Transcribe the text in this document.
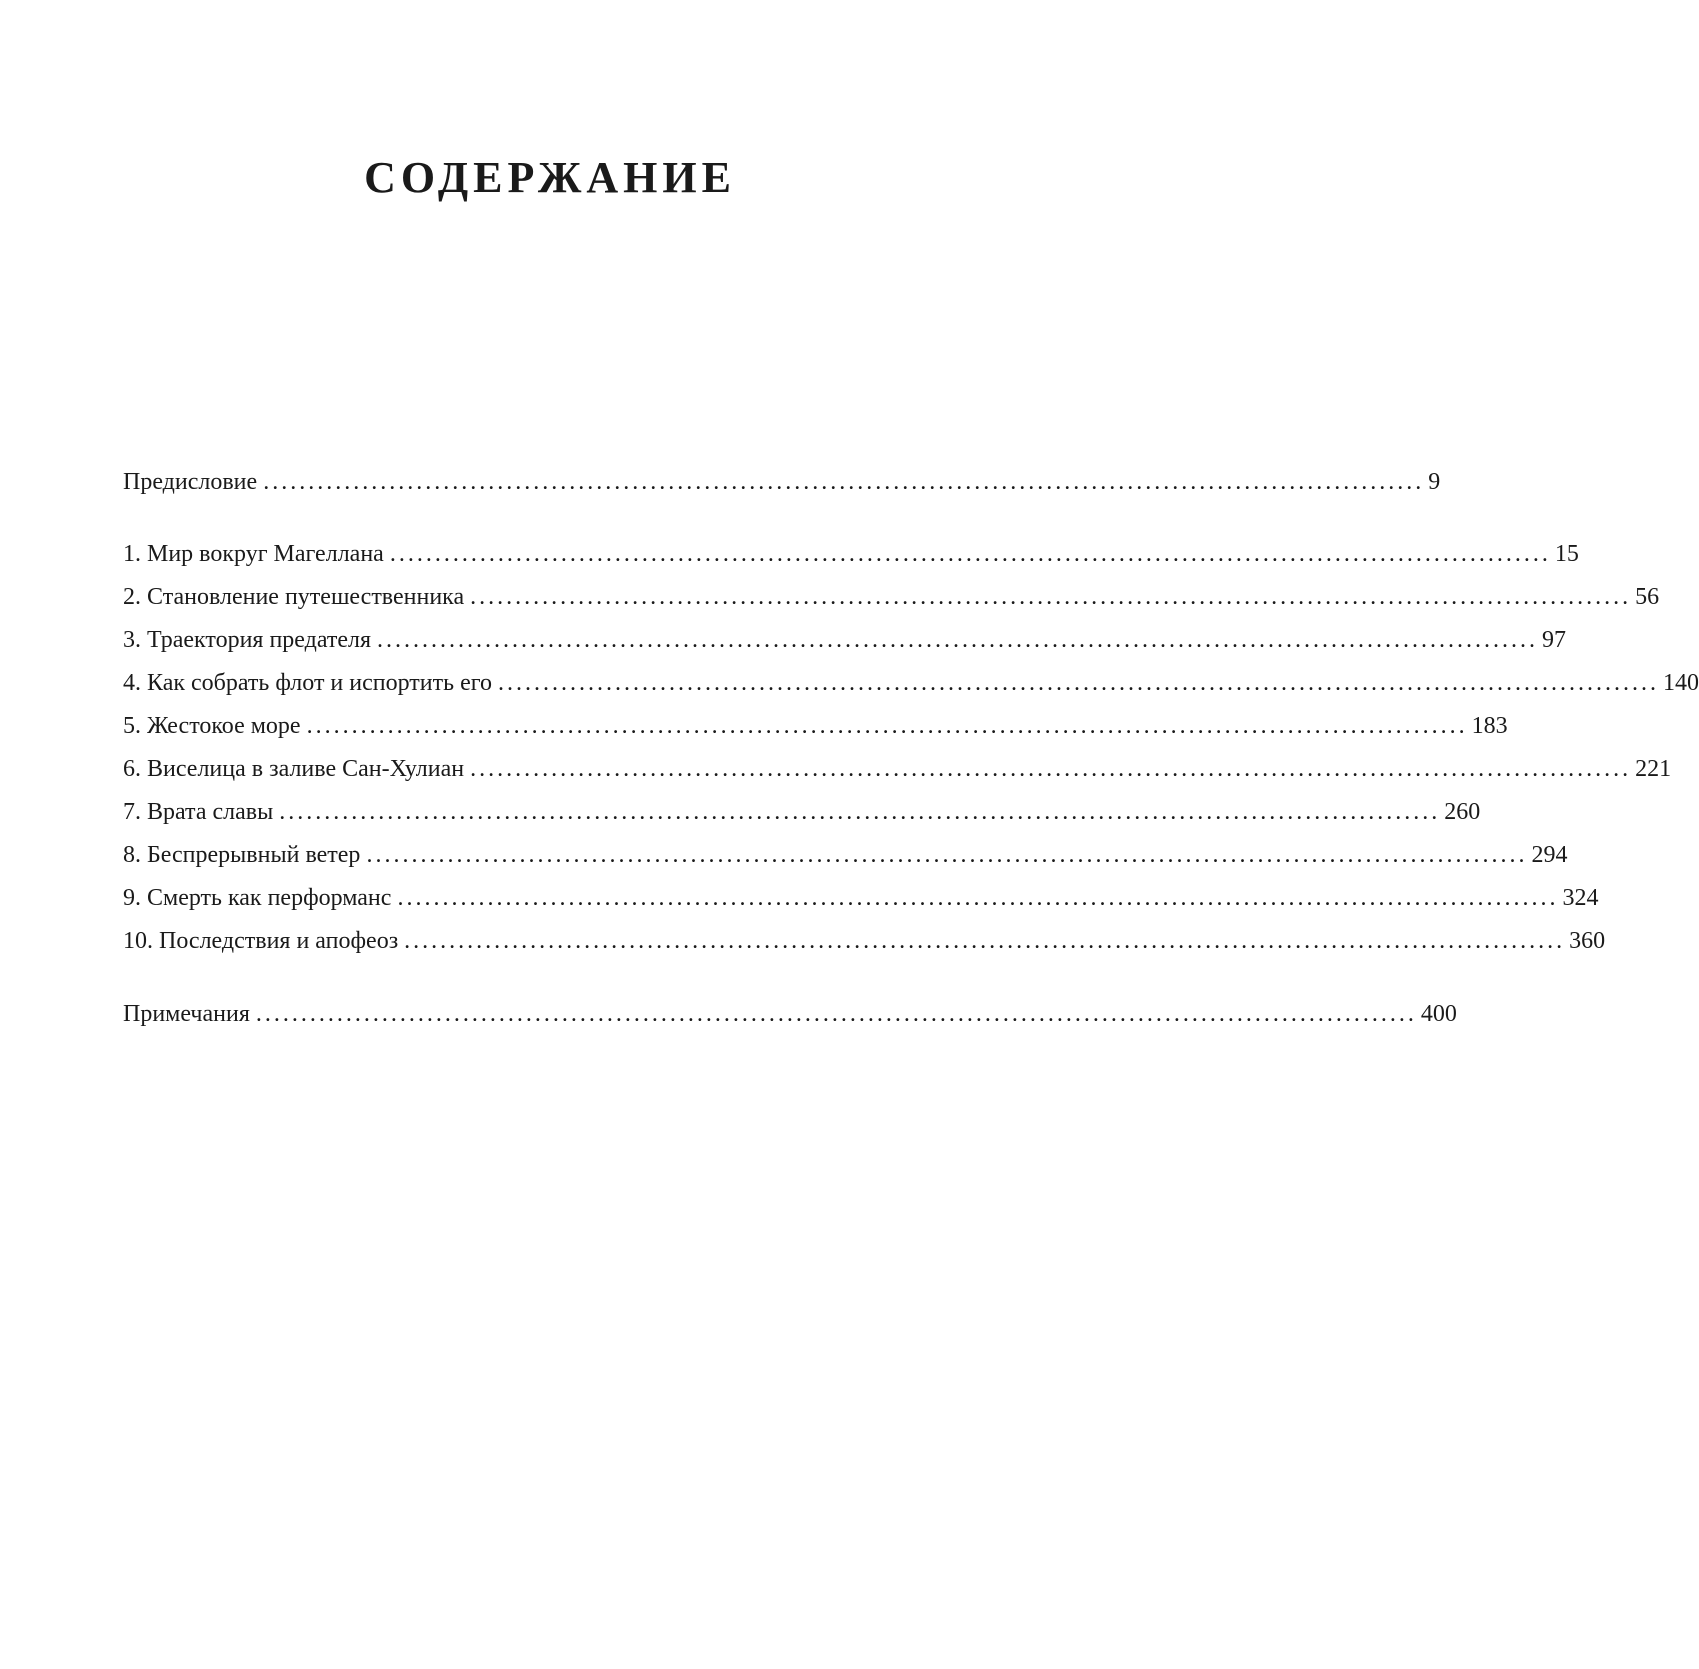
СОДЕРЖАНИЕ
Предисловие ................................................................................................................................. 9
1.
Мир вокруг Магеллана ................................................................................................................................. 15
2.
Становление путешественника ................................................................................................................................. 56
3.
Траектория предателя ................................................................................................................................. 97
4.
Как собрать флот и испортить его ................................................................................................................................. 140
5.
Жестокое море ................................................................................................................................. 183
6.
Виселица в заливе Сан-Хулиан ................................................................................................................................. 221
7.
Врата славы ................................................................................................................................. 260
8.
Беспрерывный ветер ................................................................................................................................. 294
9.
Смерть как перформанс ................................................................................................................................. 324
10.
Последствия и апофеоз ................................................................................................................................. 360
Примечания ................................................................................................................................. 400
